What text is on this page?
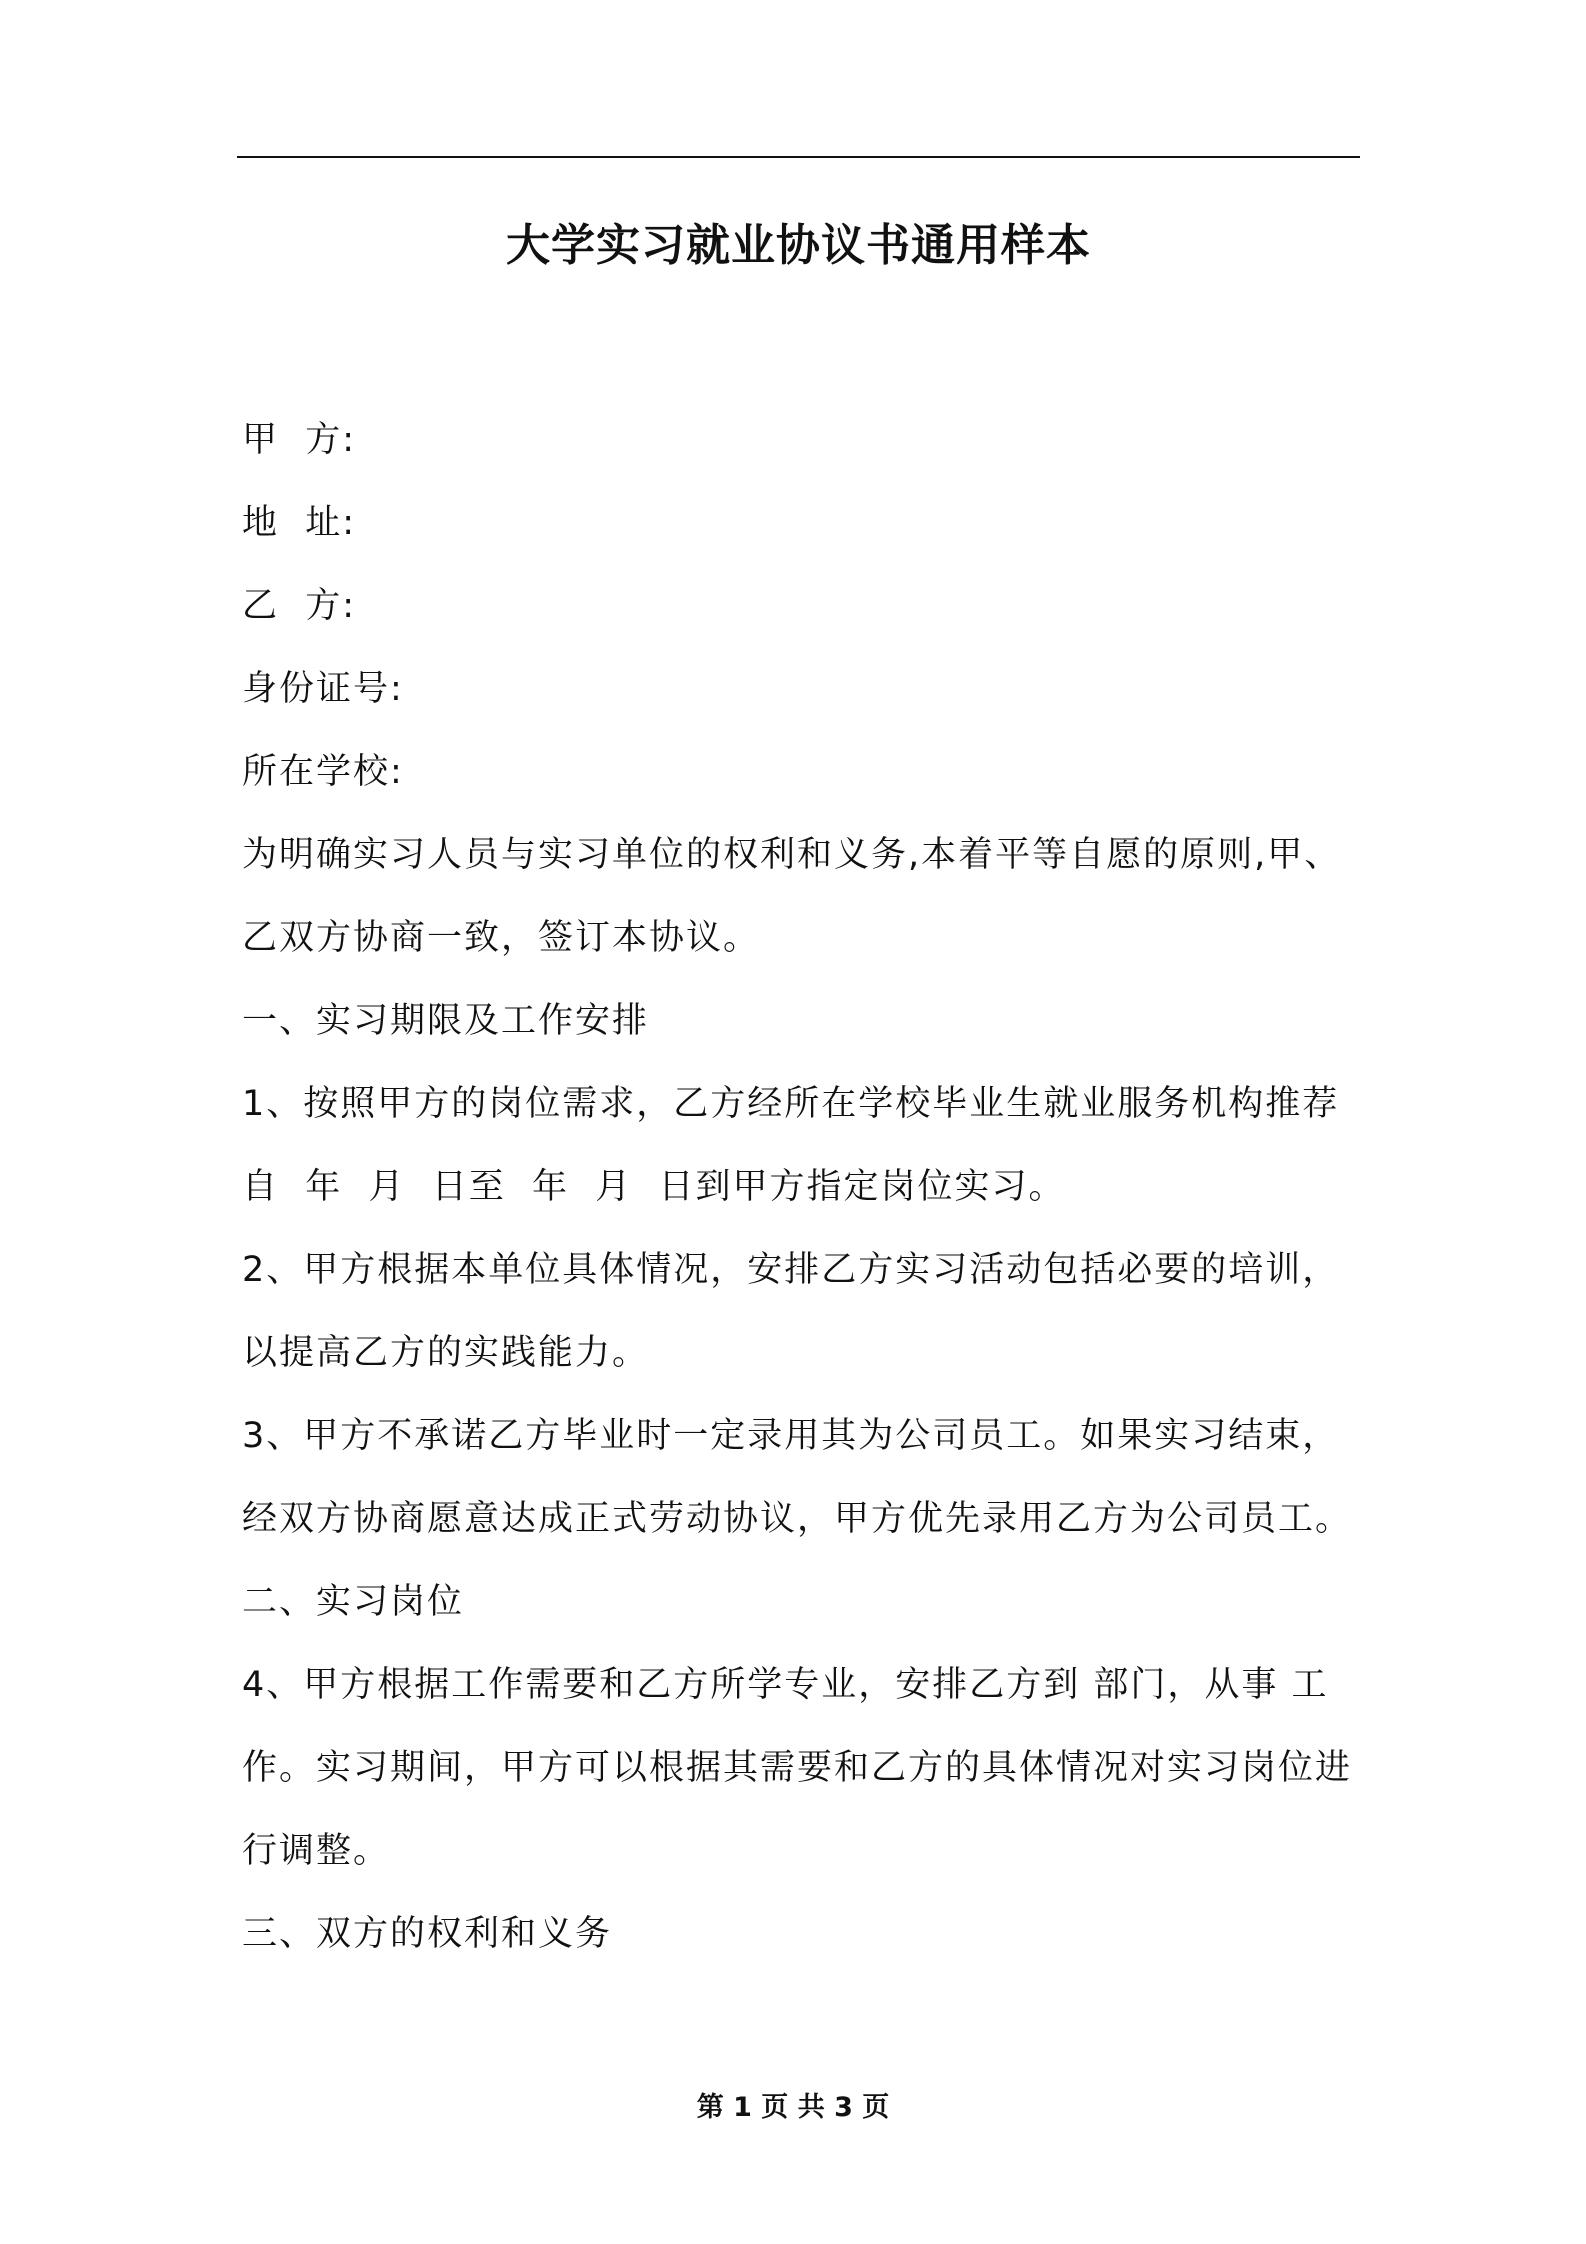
大学实习就业协议书通用样本
甲  方:
地  址:
乙  方:
身份证号:
所在学校:
为明确实习人员与实习单位的权利和义务,本着平等自愿的原则,甲、
乙双方协商一致，签订本协议。
一、实习期限及工作安排
1、按照甲方的岗位需求，乙方经所在学校毕业生就业服务机构推荐
自  年  月  日至  年  月  日到甲方指定岗位实习。
2、甲方根据本单位具体情况，安排乙方实习活动包括必要的培训，
以提高乙方的实践能力。
3、甲方不承诺乙方毕业时一定录用其为公司员工。如果实习结束，
经双方协商愿意达成正式劳动协议，甲方优先录用乙方为公司员工。
二、实习岗位
4、甲方根据工作需要和乙方所学专业，安排乙方到 部门，从事 工
作。实习期间，甲方可以根据其需要和乙方的具体情况对实习岗位进
行调整。
三、双方的权利和义务
第 1 页 共 3 页
